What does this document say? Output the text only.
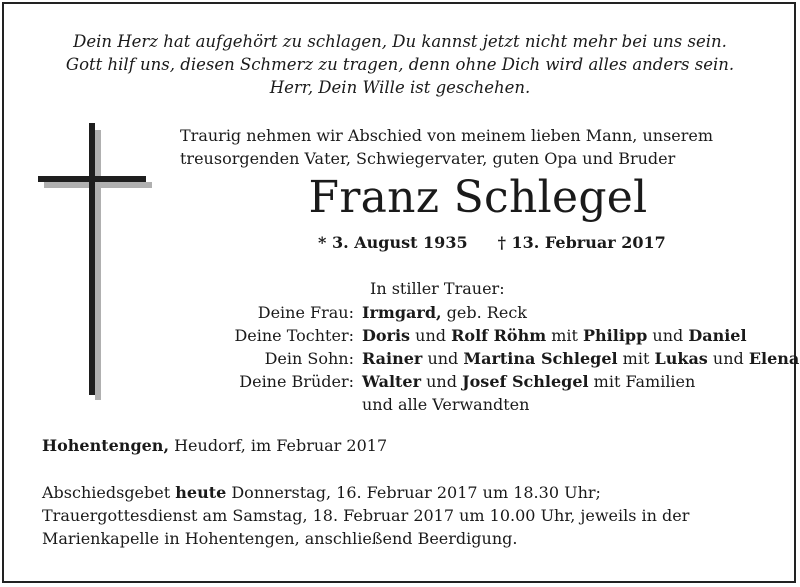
Dein Herz hat aufgehört zu schlagen, Du kannst jetzt nicht mehr bei uns sein.
Gott hilf uns, diesen Schmerz zu tragen, denn ohne Dich wird alles anders sein.
Herr, Dein Wille ist geschehen.
Traurig nehmen wir Abschied von meinem lieben Mann, unserem
treusorgenden Vater, Schwiegervater, guten Opa und Bruder
Franz Schlegel
* 3. August 1935 † 13. Februar 2017
In stiller Trauer:
Deine Frau: Irmgard, geb. Reck
Deine Tochter: Doris und Rolf Röhm mit Philipp und Daniel
Dein Sohn: Rainer und Martina Schlegel mit Lukas und Elena
Deine Brüder: Walter und Josef Schlegel mit Familien
und alle Verwandten
Hohentengen, Heudorf, im Februar 2017
Abschiedsgebet heute Donnerstag, 16. Februar 2017 um 18.30 Uhr;
Trauergottesdienst am Samstag, 18. Februar 2017 um 10.00 Uhr, jeweils in der
Marienkapelle in Hohentengen, anschließend Beerdigung.
